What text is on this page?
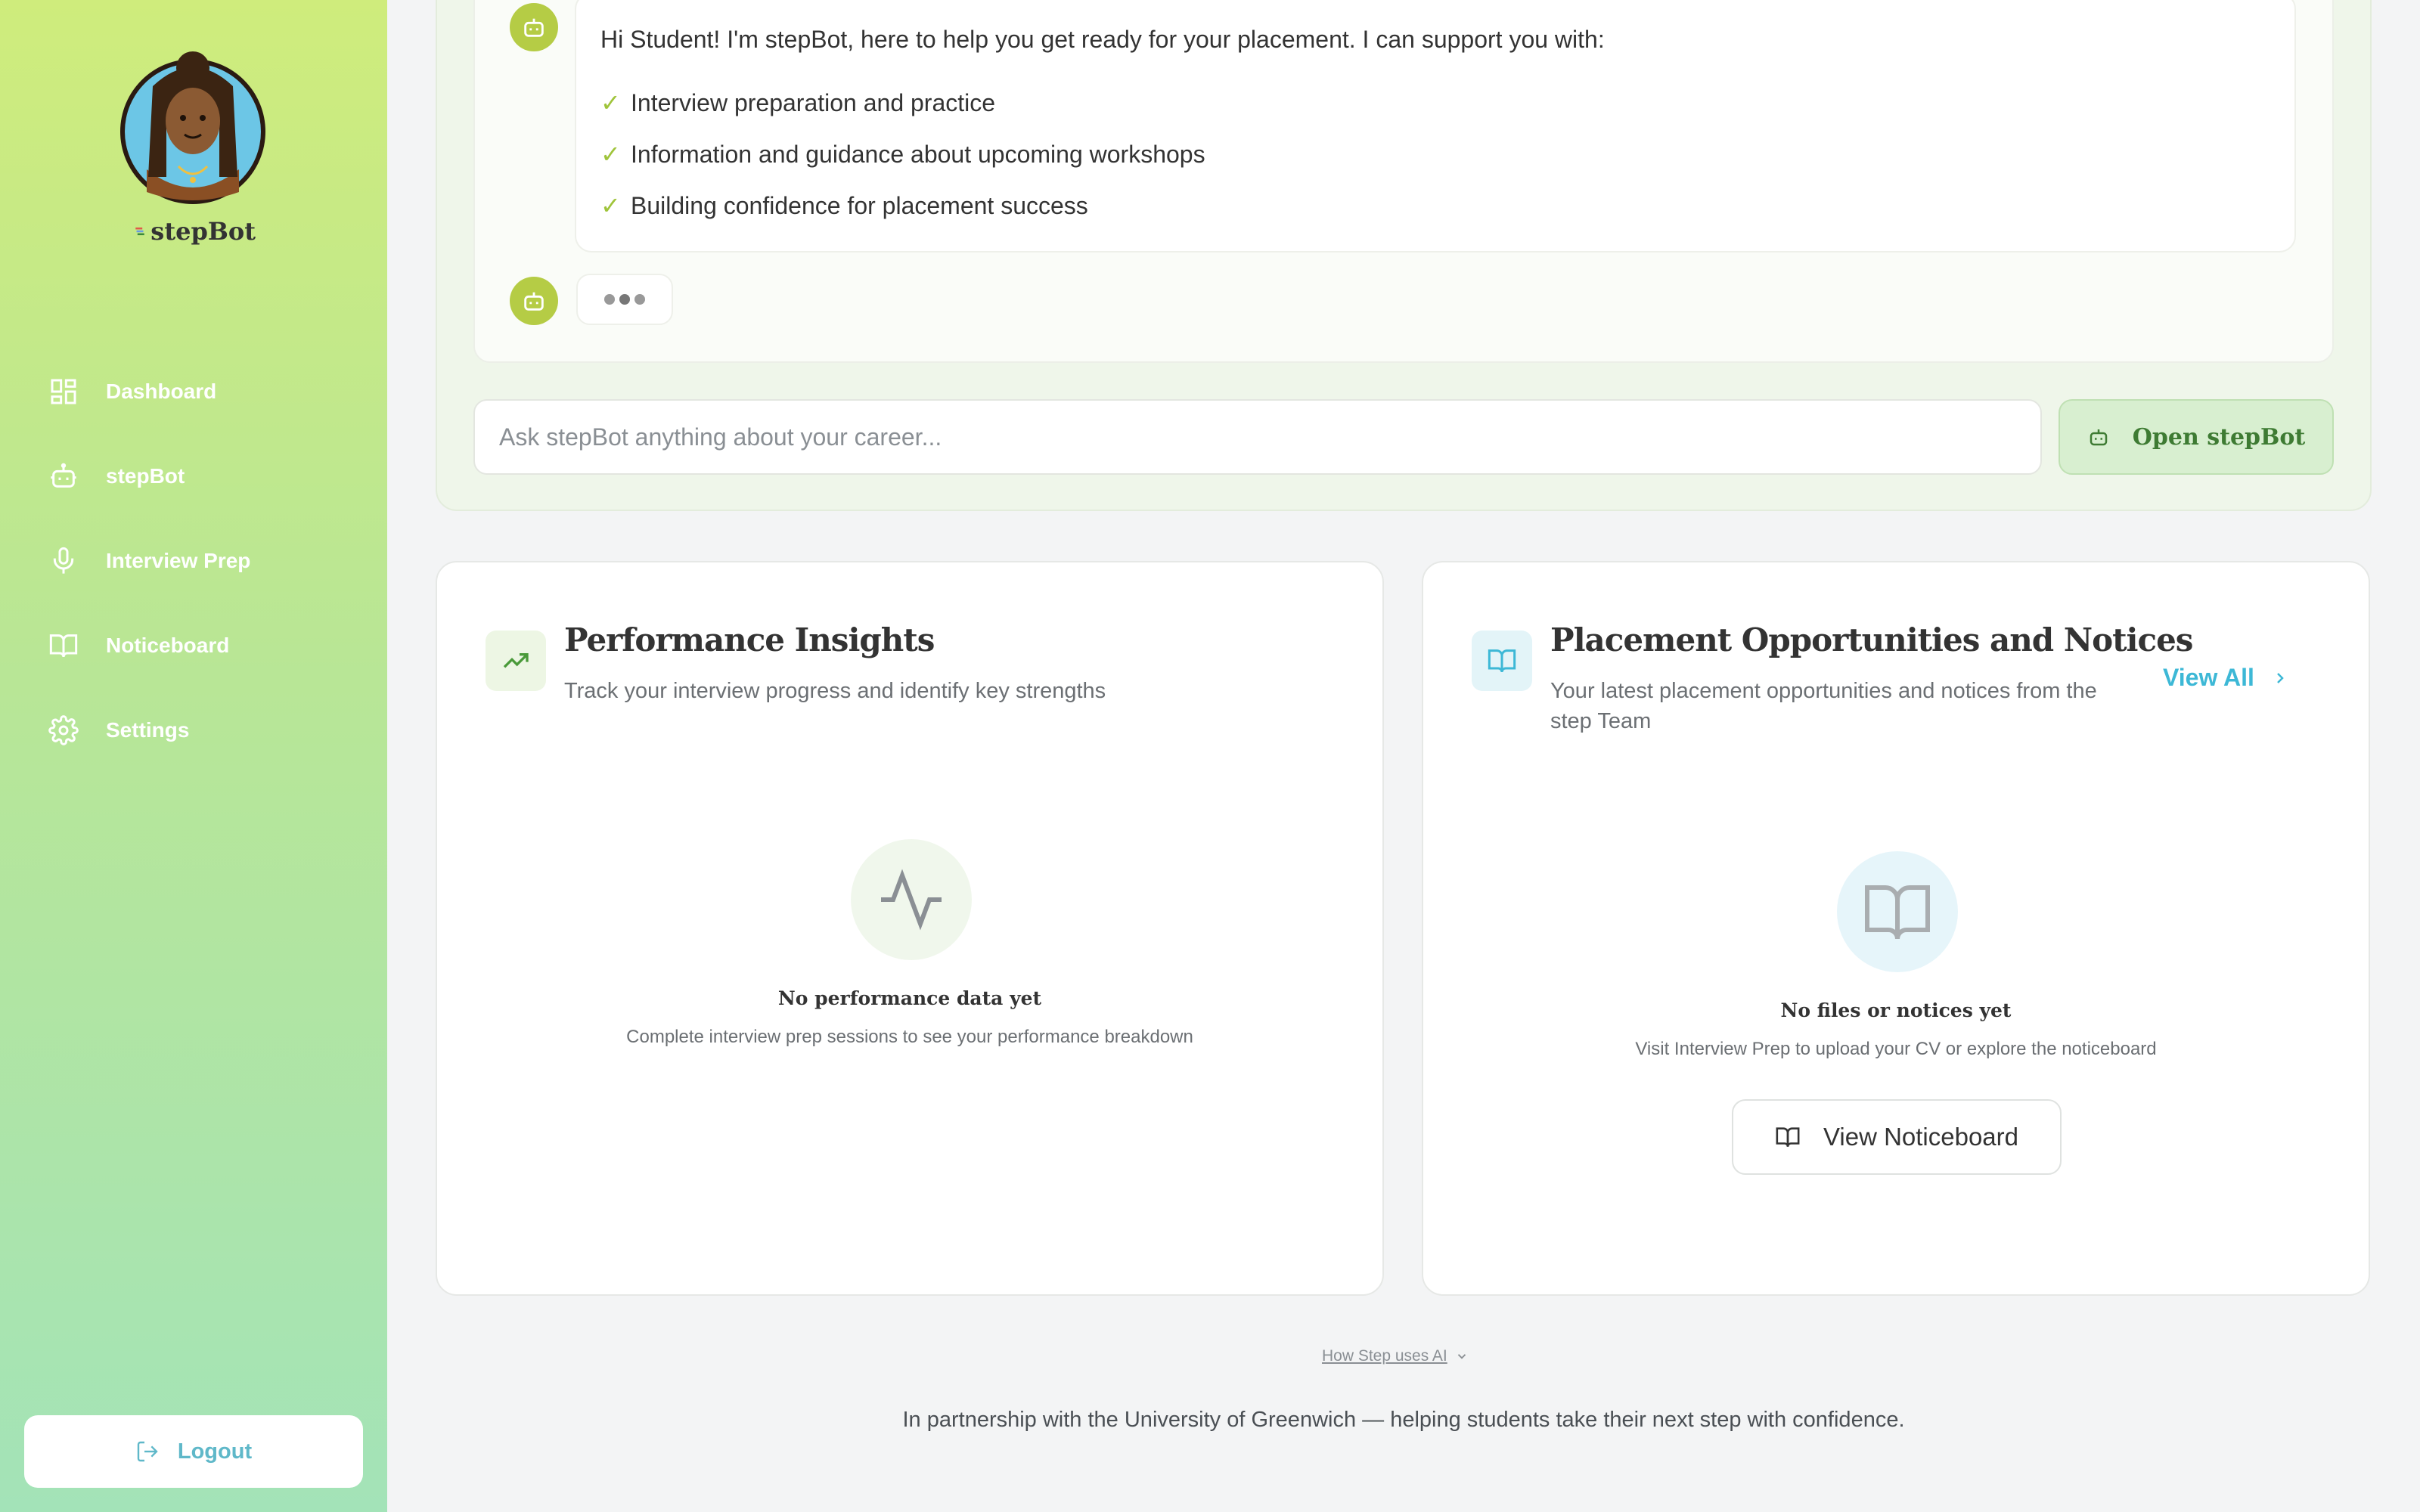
stepBot
Dashboard
stepBot
Interview Prep
Noticeboard
Settings
Logout

Hi Student! I'm stepBot, here to help you get ready for your placement. I can support you with:

✓ Interview preparation and practice
✓ Information and guidance about upcoming workshops
✓ Building confidence for placement success
Ask stepBot anything about your career...
Open stepBot
Performance Insights

Track your interview progress and identify key strengths

No performance data yet

Complete interview prep sessions to see your performance breakdown

Placement Opportunities and Notices

Your latest placement opportunities and notices from the step Team

View All

No files or notices yet

Visit Interview Prep to upload your CV or explore the noticeboard

View Noticeboard
How Step uses AI

In partnership with the University of Greenwich — helping students take their next step with confidence.
